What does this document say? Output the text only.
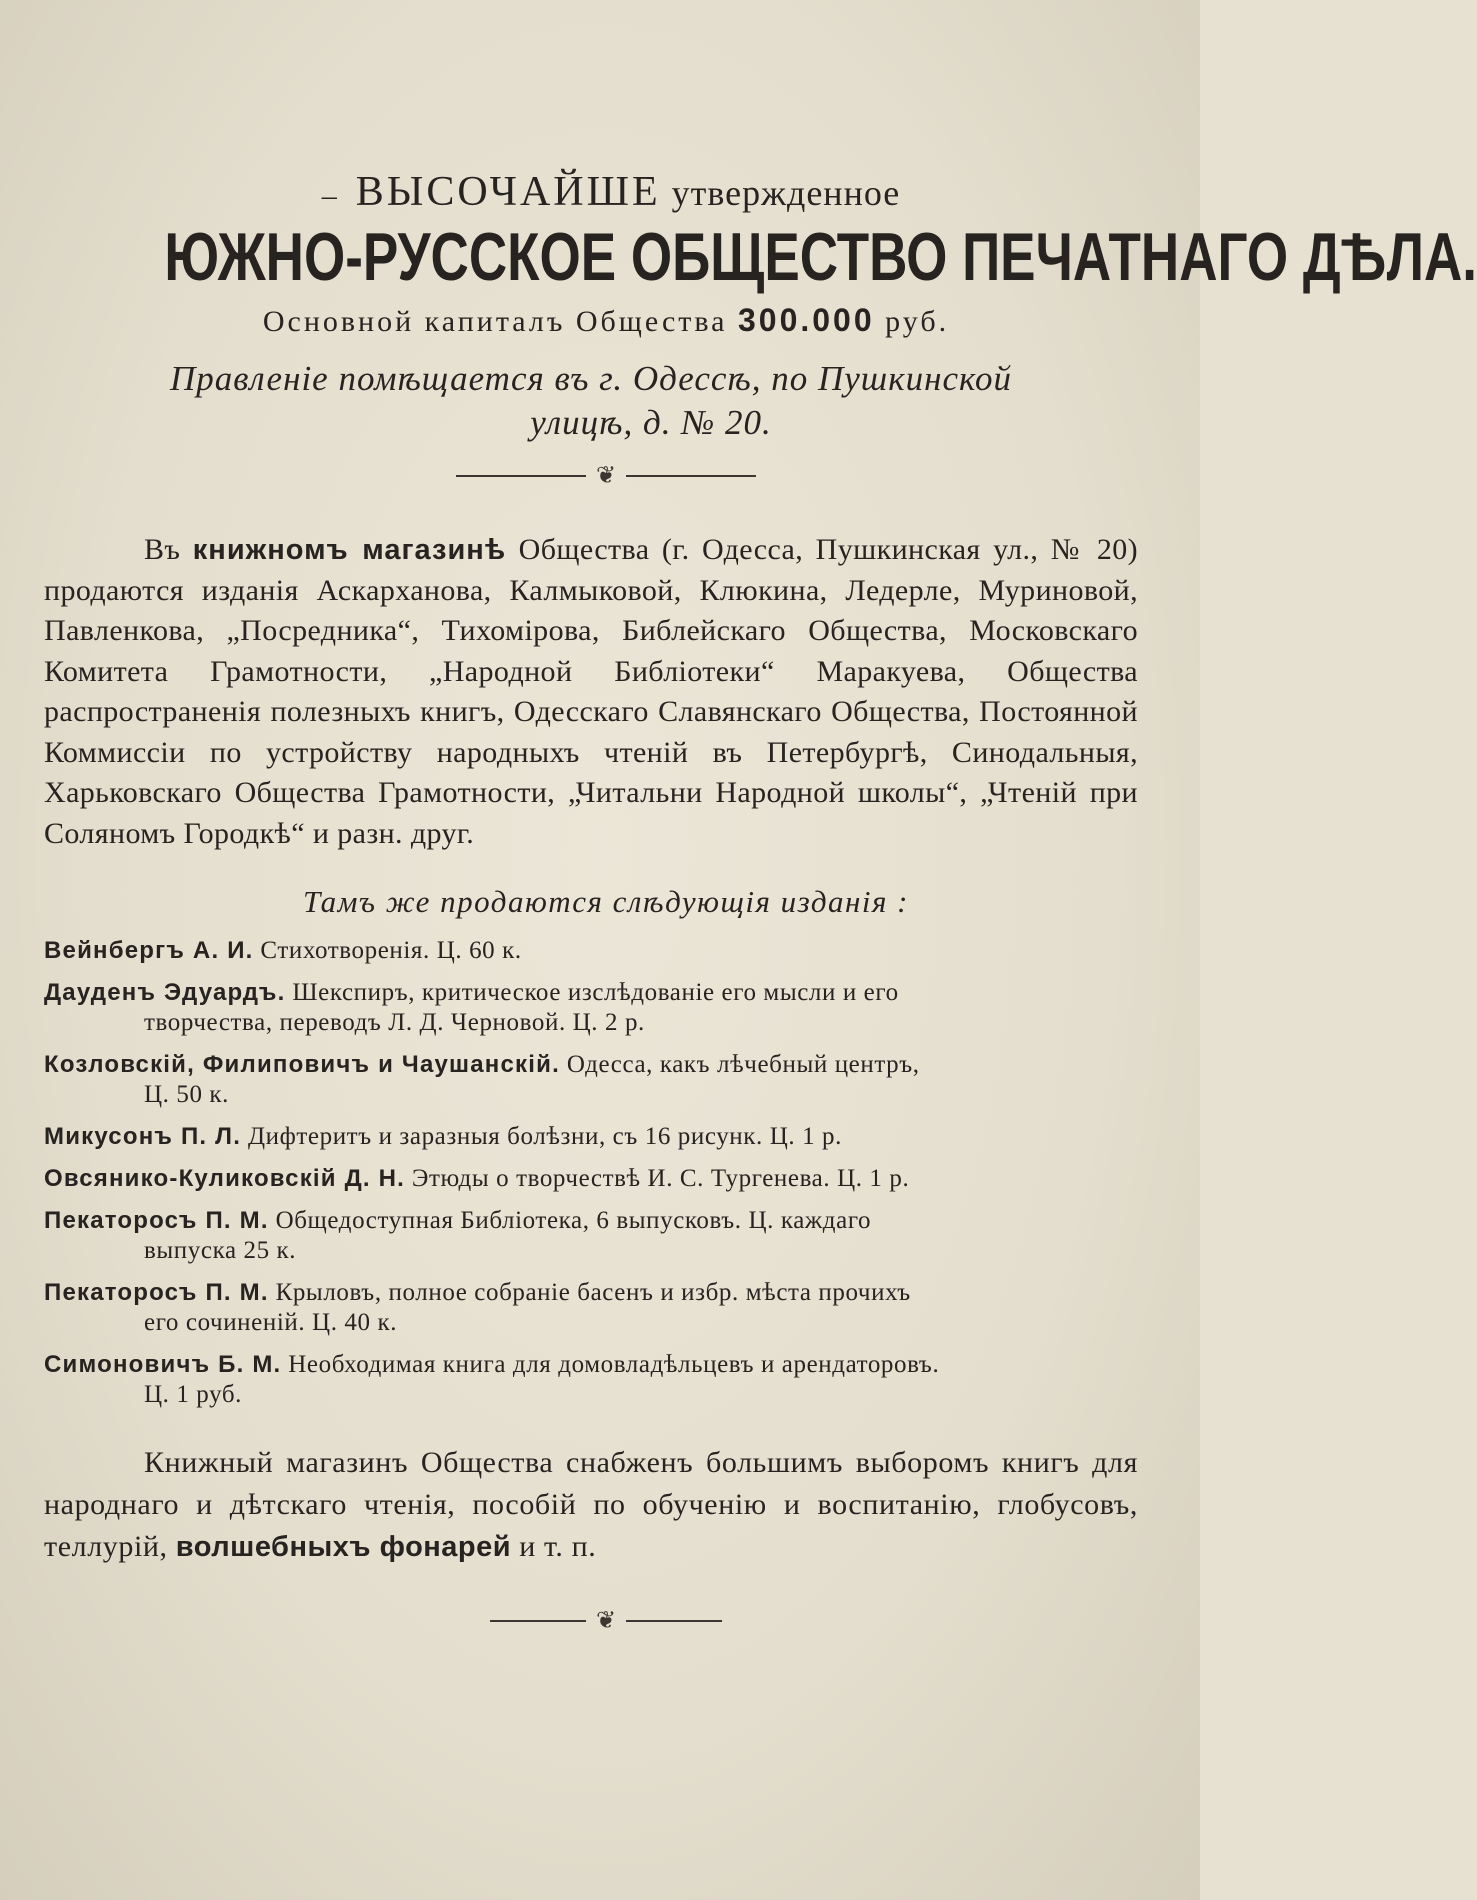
– ВЫСОЧАЙШЕ утвержденное
ЮЖНО-РУССКОЕ ОБЩЕСТВО ПЕЧАТНАГО ДѢЛА.
Основной капиталъ Общества 300.000 руб.
Правленіе помѣщается въ г. Одессѣ, по Пушкинской
улицѣ, д. № 20.
❦

Въ книжномъ магазинѣ Общества (г. Одесса, Пушкинская ул., № 20) продаются изданія Аскарханова, Калмыковой, Клюкина, Ледерле, Муриновой, Павленкова, „Посредника“, Тихомірова, Библейскаго Общества, Московскаго Комитета Грамотности, „Народной Библіотеки“ Маракуева, Общества распространенія полезныхъ книгъ, Одесскаго Славянскаго Общества, Постоянной Коммиссіи по устройству народныхъ чтеній въ Петербургѣ, Синодальныя, Харьковскаго Общества Грамотности, „Читальни Народной школы“, „Чтеній при Соляномъ Городкѣ“ и разн. друг.

Тамъ же продаются слѣдующія изданія :
Вейнбергъ А. И. Стихотворенія. Ц. 60 к.
Дауденъ Эдуардъ. Шекспиръ, критическое изслѣдованіе его мысли и его
творчества, переводъ Л. Д. Черновой. Ц. 2 р.
Козловскій, Филиповичъ и Чаушанскій. Одесса, какъ лѣчебный центръ,
Ц. 50 к.
Микусонъ П. Л. Дифтеритъ и заразныя болѣзни, съ 16 рисунк. Ц. 1 р.
Овсянико-Куликовскій Д. Н. Этюды о творчествѣ И. С. Тургенева. Ц. 1 р.
Пекаторосъ П. М. Общедоступная Библіотека, 6 выпусковъ. Ц. каждаго
выпуска 25 к.
Пекаторосъ П. М. Крыловъ, полное собраніе басенъ и избр. мѣста прочихъ
его сочиненій. Ц. 40 к.
Симоновичъ Б. М. Необходимая книга для домовладѣльцевъ и арендаторовъ.
Ц. 1 руб.

Книжный магазинъ Общества снабженъ большимъ выборомъ книгъ для народнаго и дѣтскаго чтенія, пособій по обученію и воспитанію, глобусовъ, теллурій, волшебныхъ фонарей и т. п.

❦
